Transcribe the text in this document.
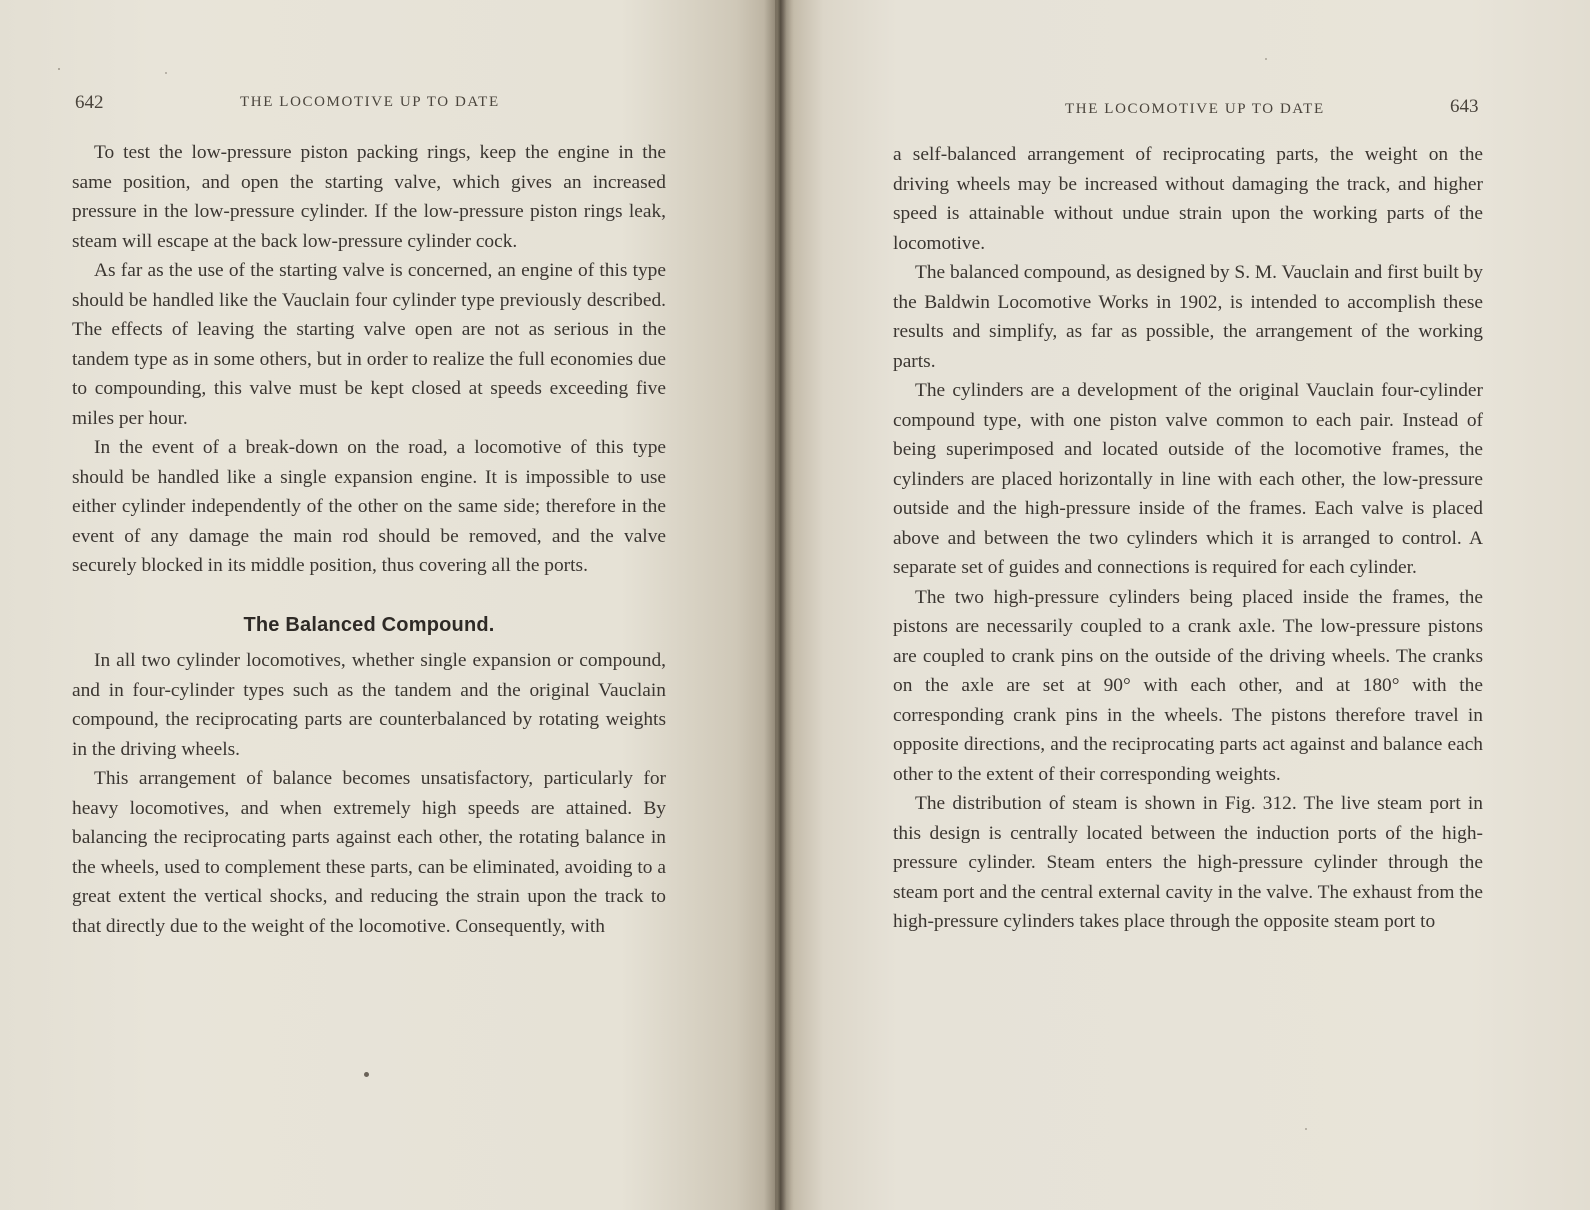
642	THE LOCOMOTIVE UP TO DATE

To test the low-pressure piston packing rings, keep the engine in the same position, and open the starting valve, which gives an increased pressure in the low-pressure cylinder. If the low-pressure piston rings leak, steam will escape at the back low-pressure cylinder cock.

As far as the use of the starting valve is concerned, an engine of this type should be handled like the Vauclain four cylinder type previously described. The effects of leaving the starting valve open are not as serious in the tandem type as in some others, but in order to realize the full economies due to compounding, this valve must be kept closed at speeds exceeding five miles per hour.

In the event of a break-down on the road, a locomotive of this type should be handled like a single expansion engine. It is impossible to use either cylinder independently of the other on the same side; therefore in the event of any damage the main rod should be removed, and the valve securely blocked in its middle position, thus covering all the ports.

The Balanced Compound.

In all two cylinder locomotives, whether single expansion or compound, and in four-cylinder types such as the tandem and the original Vauclain compound, the reciprocating parts are counterbalanced by rotating weights in the driving wheels.

This arrangement of balance becomes unsatisfactory, particularly for heavy locomotives, and when extremely high speeds are attained. By balancing the reciprocating parts against each other, the rotating balance in the wheels, used to complement these parts, can be eliminated, avoiding to a great extent the vertical shocks, and reducing the strain upon the track to that directly due to the weight of the locomotive. Consequently, with

THE LOCOMOTIVE UP TO DATE	643

a self-balanced arrangement of reciprocating parts, the weight on the driving wheels may be increased without damaging the track, and higher speed is attainable without undue strain upon the working parts of the locomotive.

The balanced compound, as designed by S. M. Vauclain and first built by the Baldwin Locomotive Works in 1902, is intended to accomplish these results and simplify, as far as possible, the arrangement of the working parts.

The cylinders are a development of the original Vauclain four-cylinder compound type, with one piston valve common to each pair. Instead of being superimposed and located outside of the locomotive frames, the cylinders are placed horizontally in line with each other, the low-pressure outside and the high-pressure inside of the frames. Each valve is placed above and between the two cylinders which it is arranged to control. A separate set of guides and connections is required for each cylinder.

The two high-pressure cylinders being placed inside the frames, the pistons are necessarily coupled to a crank axle. The low-pressure pistons are coupled to crank pins on the outside of the driving wheels. The cranks on the axle are set at 90° with each other, and at 180° with the corresponding crank pins in the wheels. The pistons therefore travel in opposite directions, and the reciprocating parts act against and balance each other to the extent of their corresponding weights.

The distribution of steam is shown in Fig. 312. The live steam port in this design is centrally located between the induction ports of the high-pressure cylinder. Steam enters the high-pressure cylinder through the steam port and the central external cavity in the valve. The exhaust from the high-pressure cylinders takes place through the opposite steam port to
